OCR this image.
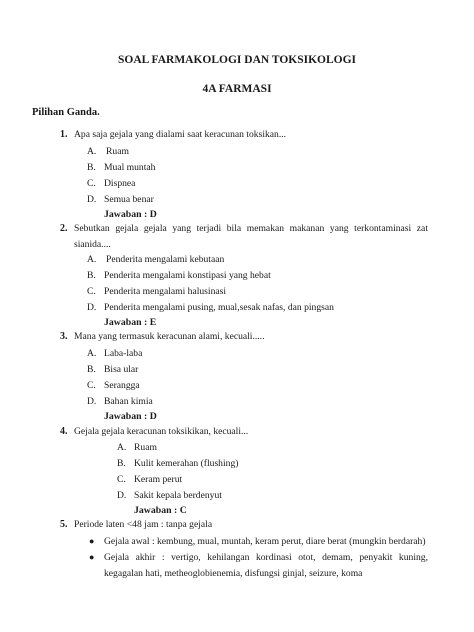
SOAL FARMAKOLOGI DAN TOKSIKOLOGI
4A FARMASI
Pilihan Ganda.
1. Apa saja gejala yang dialami saat keracunan toksikan...
A. Ruam
B. Mual muntah
C. Dispnea
D. Semua benar
Jawaban : D
2. Sebutkan gejala gejala yang terjadi bila memakan makanan yang terkontaminasi zat
sianida....
A. Penderita mengalami kebutaan
B. Penderita mengalami konstipasi yang hebat
C. Penderita mengalami halusinasi
D. Penderita mengalami pusing, mual,sesak nafas, dan pingsan
Jawaban : E
3. Mana yang termasuk keracunan alami, kecuali.....
A. Laba-laba
B. Bisa ular
C. Serangga
D. Bahan kimia
Jawaban : D
4. Gejala gejala keracunan toksikikan, kecuali...
A. Ruam
B. Kulit kemerahan (flushing)
C. Keram perut
D. Sakit kepala berdenyut
Jawaban : C
5. Periode laten <48 jam : tanpa gejala
● Gejala awal : kembung, mual, muntah, keram perut, diare berat (mungkin berdarah)
● Gejala akhir : vertigo, kehilangan kordinasi otot, demam, penyakit kuning,
kegagalan hati, metheoglobienemia, disfungsi ginjal, seizure, koma
